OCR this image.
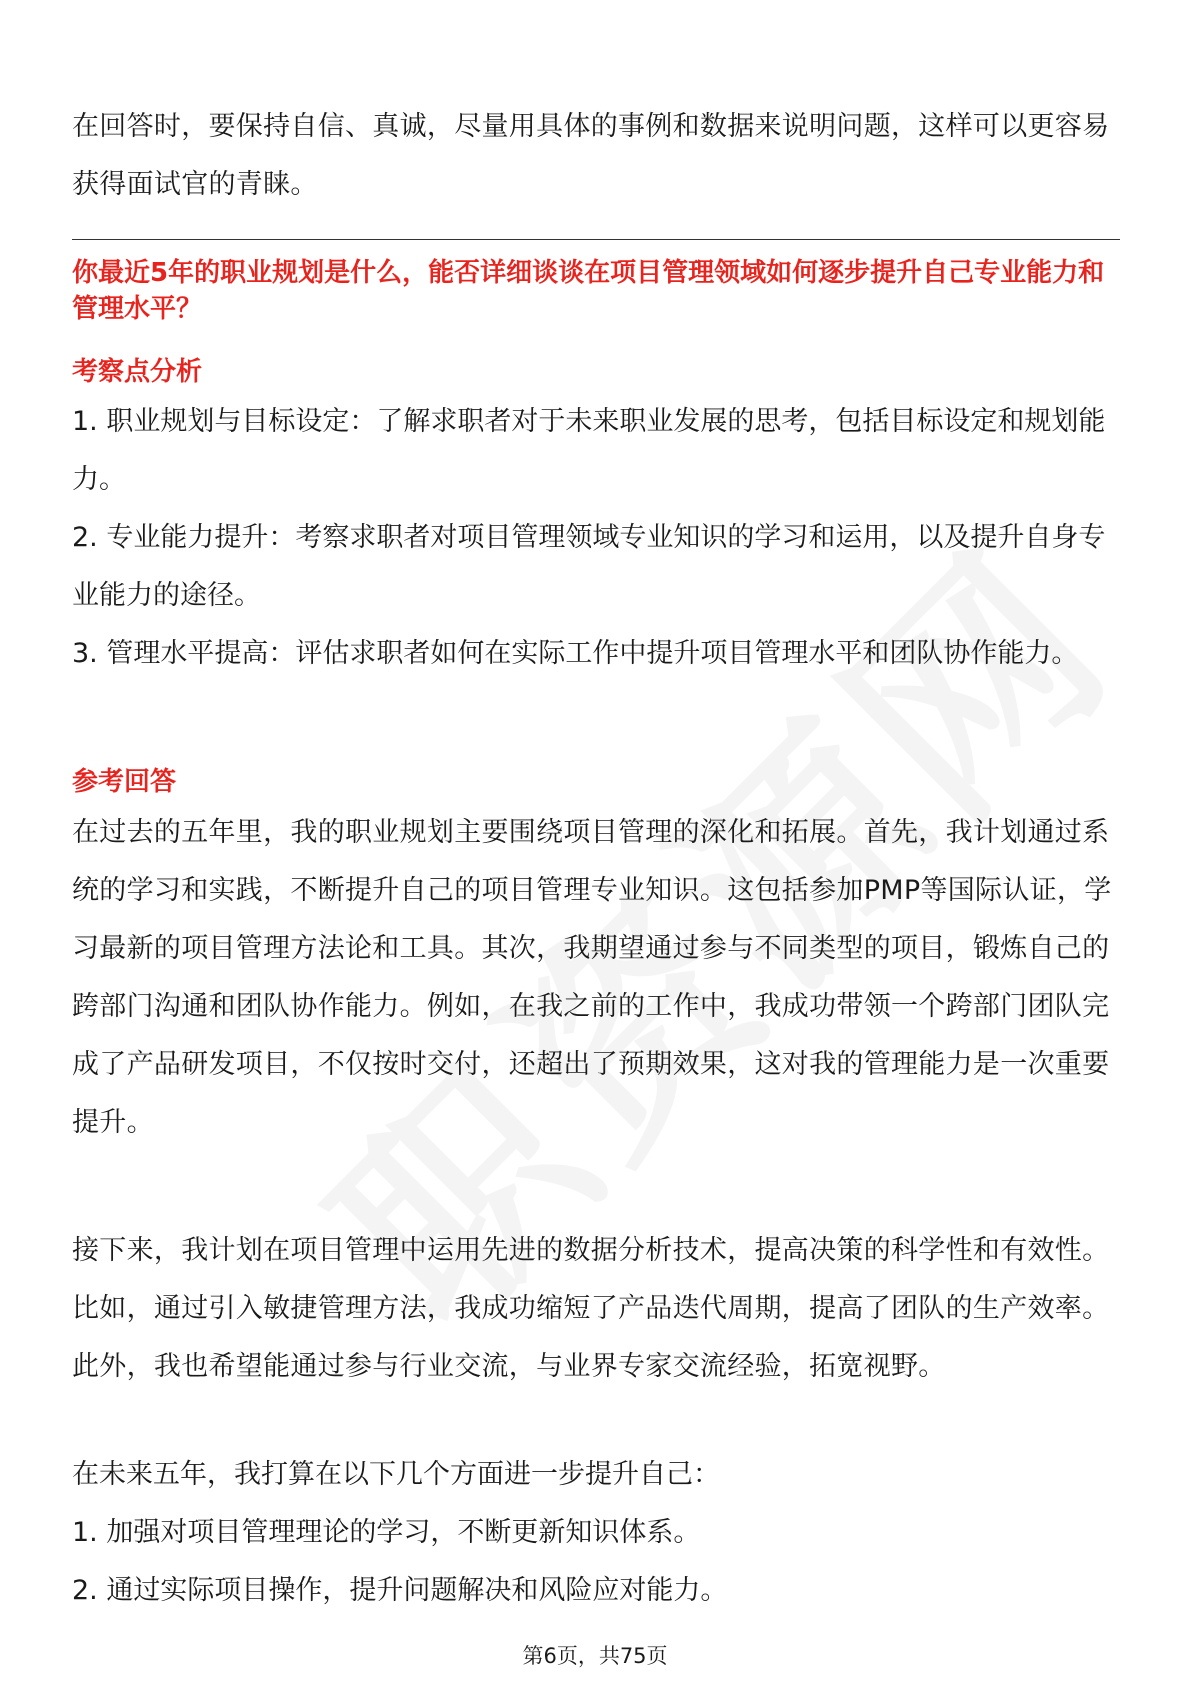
在回答时，要保持自信、真诚，尽量用具体的事例和数据来说明问题，这样可以更容易获得面试官的青睐。

你最近5年的职业规划是什么，能否详细谈谈在项目管理领域如何逐步提升自己专业能力和管理水平？

考察点分析

1. 职业规划与目标设定：了解求职者对于未来职业发展的思考，包括目标设定和规划能力。

2. 专业能力提升：考察求职者对项目管理领域专业知识的学习和运用，以及提升自身专业能力的途径。

3. 管理水平提高：评估求职者如何在实际工作中提升项目管理水平和团队协作能力。

参考回答

在过去的五年里，我的职业规划主要围绕项目管理的深化和拓展。首先，我计划通过系统的学习和实践，不断提升自己的项目管理专业知识。这包括参加PMP等国际认证，学习最新的项目管理方法论和工具。其次，我期望通过参与不同类型的项目，锻炼自己的跨部门沟通和团队协作能力。例如，在我之前的工作中，我成功带领一个跨部门团队完成了产品研发项目，不仅按时交付，还超出了预期效果，这对我的管理能力是一次重要提升。

接下来，我计划在项目管理中运用先进的数据分析技术，提高决策的科学性和有效性。比如，通过引入敏捷管理方法，我成功缩短了产品迭代周期，提高了团队的生产效率。此外，我也希望能通过参与行业交流，与业界专家交流经验，拓宽视野。

在未来五年，我打算在以下几个方面进一步提升自己：

1. 加强对项目管理理论的学习，不断更新知识体系。

2. 通过实际项目操作，提升问题解决和风险应对能力。

第6页，共75页
